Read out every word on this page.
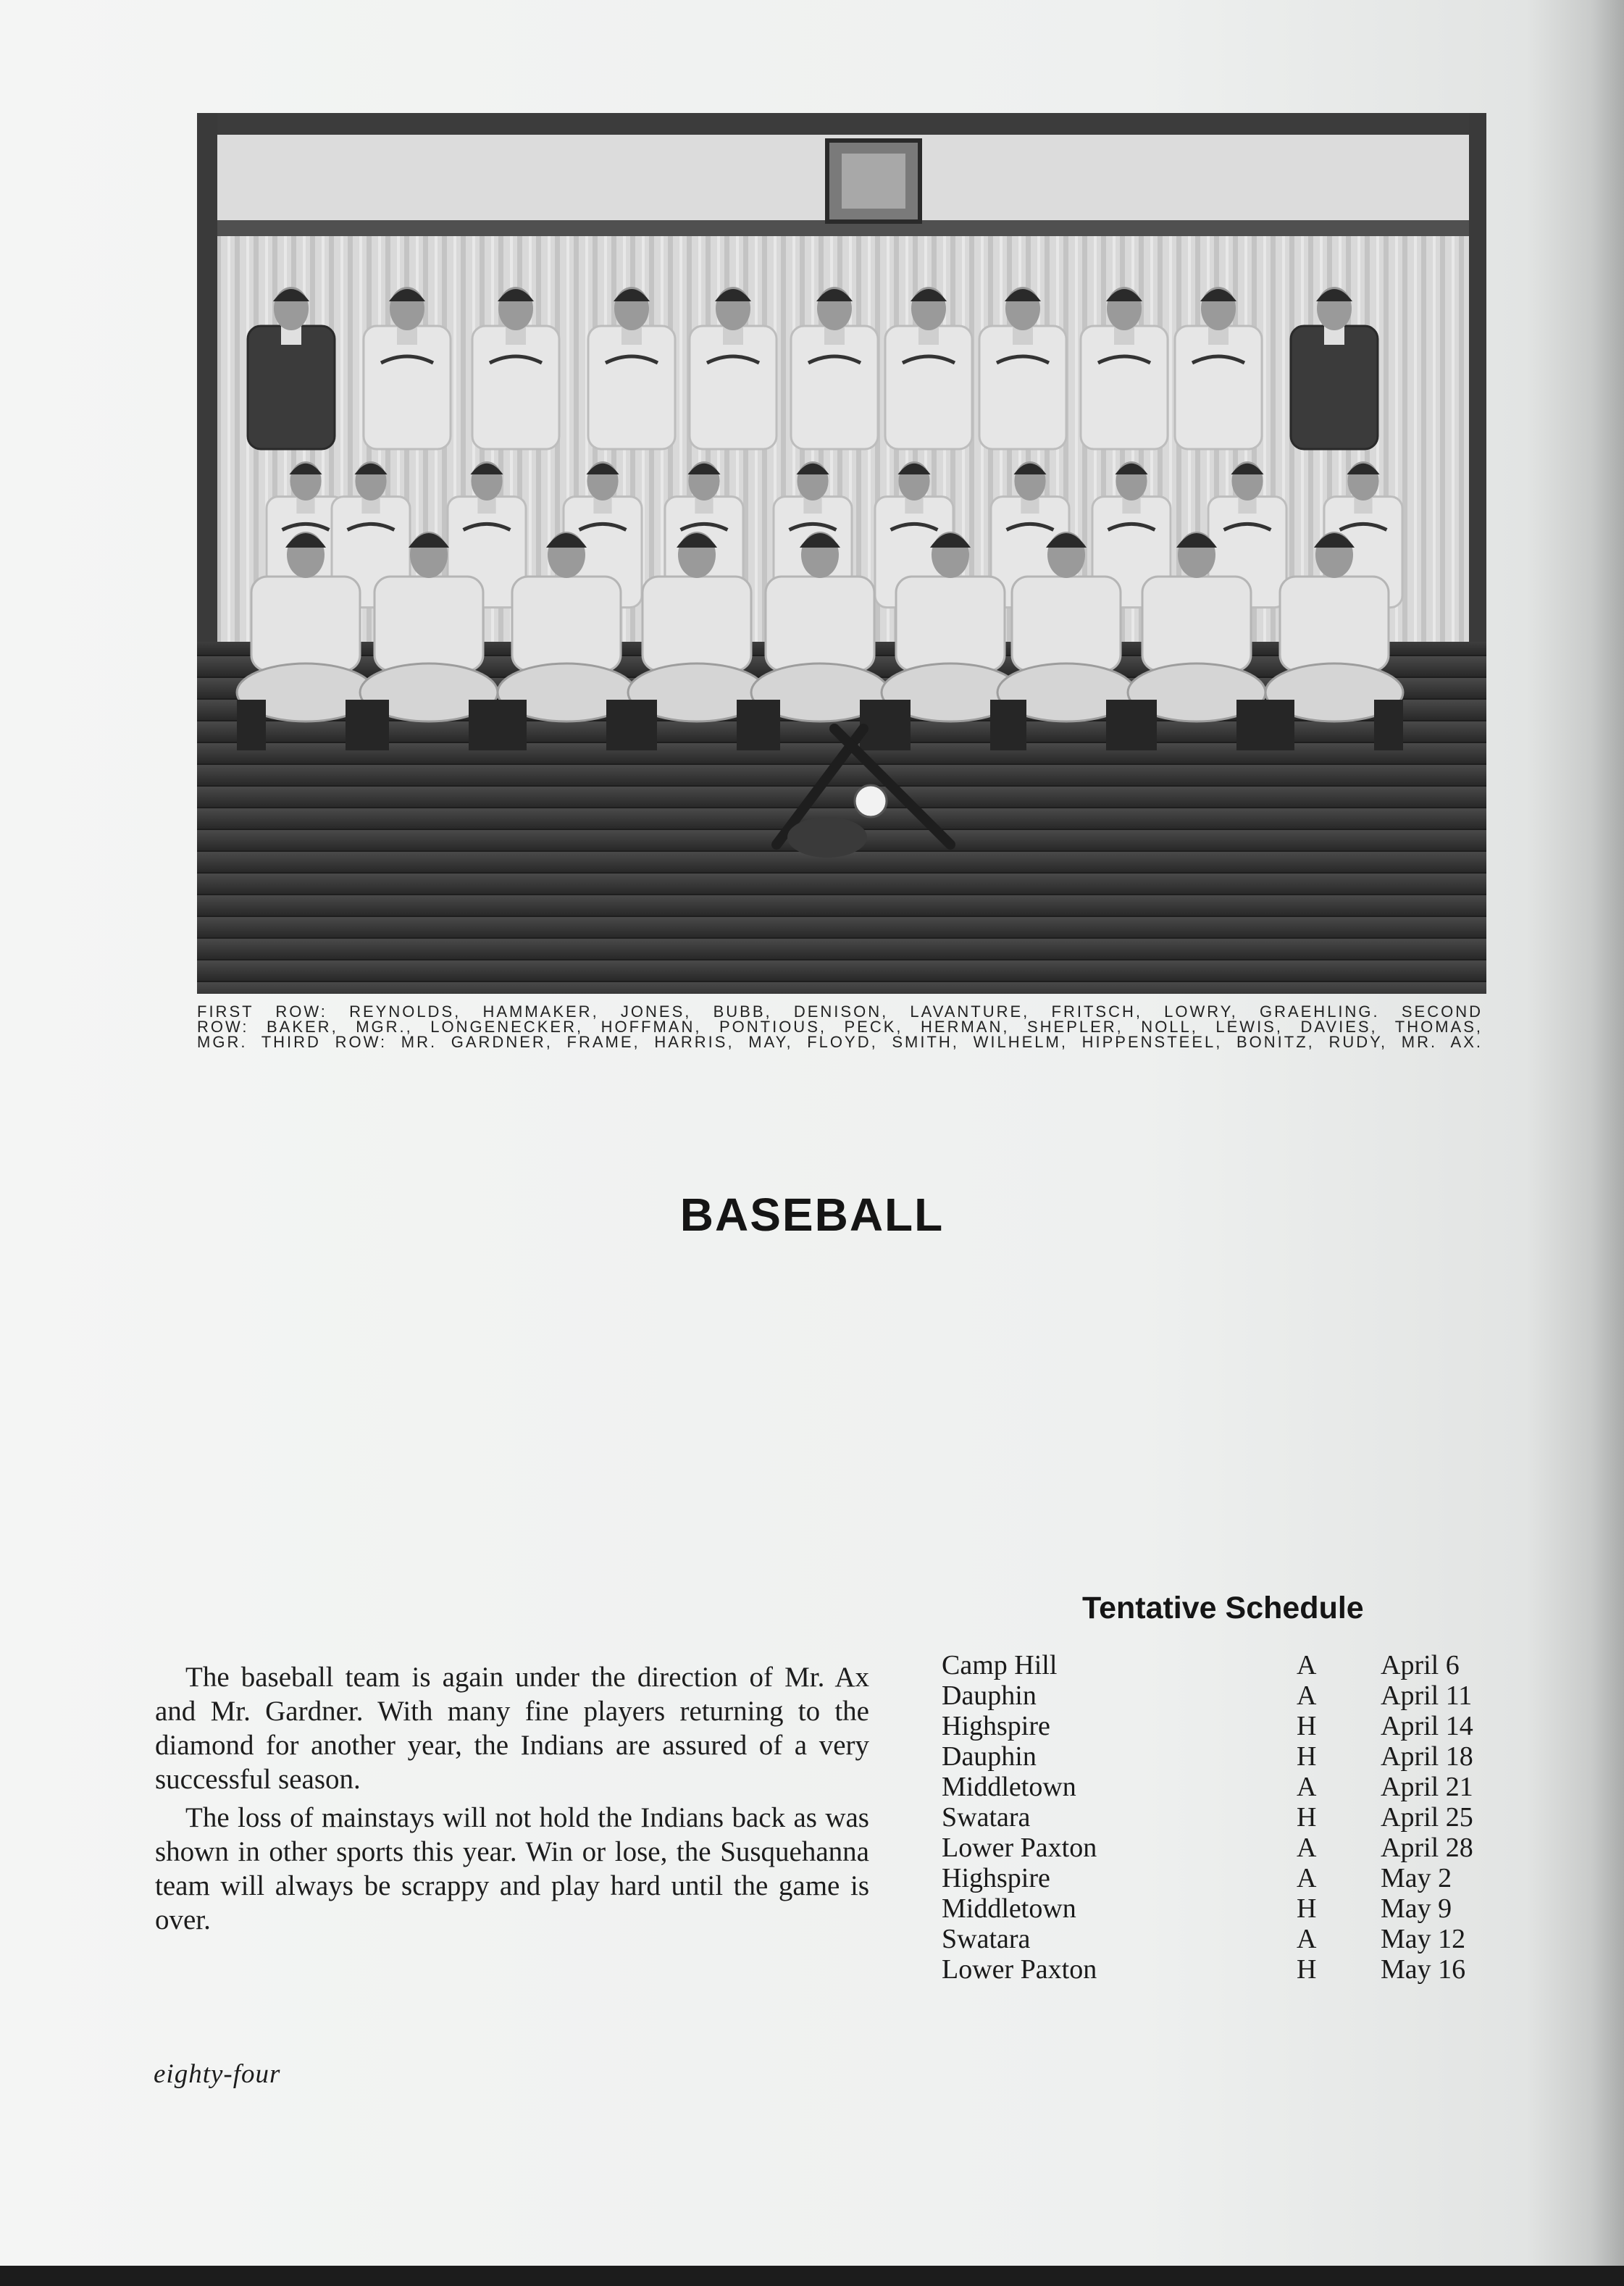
FIRST ROW: REYNOLDS, HAMMAKER, JONES, BUBB, DENISON, LAVANTURE, FRITSCH, LOWRY, GRAEHLING. SECOND
ROW: BAKER, MGR., LONGENECKER, HOFFMAN, PONTIOUS, PECK, HERMAN, SHEPLER, NOLL, LEWIS, DAVIES, THOMAS,
MGR. THIRD ROW: MR. GARDNER, FRAME, HARRIS, MAY, FLOYD, SMITH, WILHELM, HIPPENSTEEL, BONITZ, RUDY, MR. AX.
BASEBALL

The baseball team is again under the direction of Mr. Ax and Mr. Gardner. With many fine players returning to the diamond for another year, the Indians are assured of a very successful season.

The loss of mainstays will not hold the Indians back as was shown in other sports this year. Win or lose, the Susquehanna team will always be scrappy and play hard until the game is over.

Tentative Schedule
Camp Hill	A	April 6
Dauphin	A	April 11
Highspire	H	April 14
Dauphin	H	April 18
Middletown	A	April 21
Swatara	H	April 25
Lower Paxton	A	April 28
Highspire	A	May 2
Middletown	H	May 9
Swatara	A	May 12
Lower Paxton	H	May 16
eighty-four
